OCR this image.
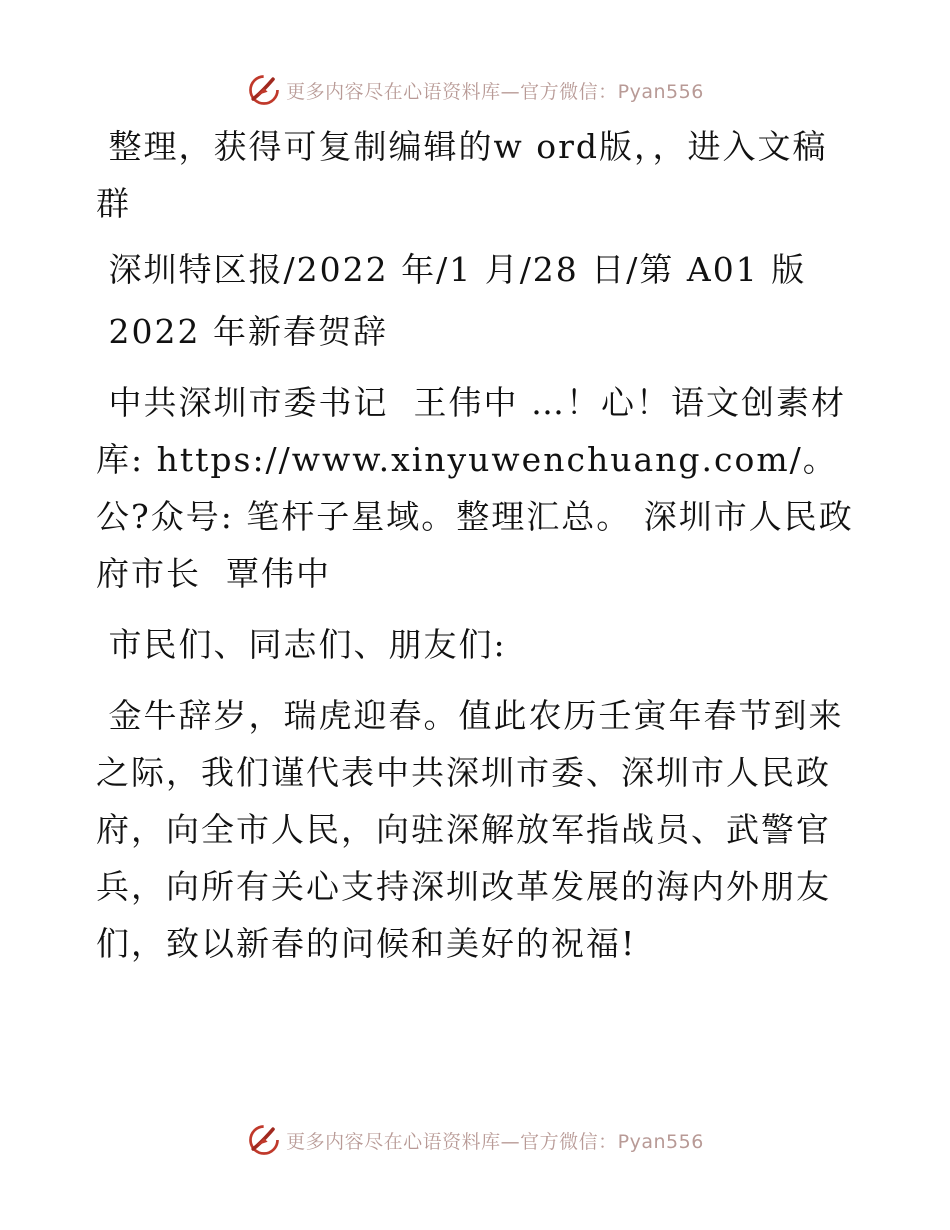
更多内容尽在心语资料库—官方微信：Pyan556

整理，获得可复制编辑的w ord版，，进入文稿群

深圳特区报/2022 年/1 月/28 日/第 A01 版

2022 年新春贺辞

中共深圳市委书记  王伟中 …！心！语文创素材库: https://www.xinyuwenchuang.com/。公?众号: 笔杆子星域。整理汇总。 深圳市人民政府市长  覃伟中

市民们、同志们、朋友们:

金牛辞岁，瑞虎迎春。值此农历壬寅年春节到来之际，我们谨代表中共深圳市委、深圳市人民政府，向全市人民，向驻深解放军指战员、武警官兵，向所有关心支持深圳改革发展的海内外朋友们，致以新春的问候和美好的祝福!

更多内容尽在心语资料库—官方微信：Pyan556
